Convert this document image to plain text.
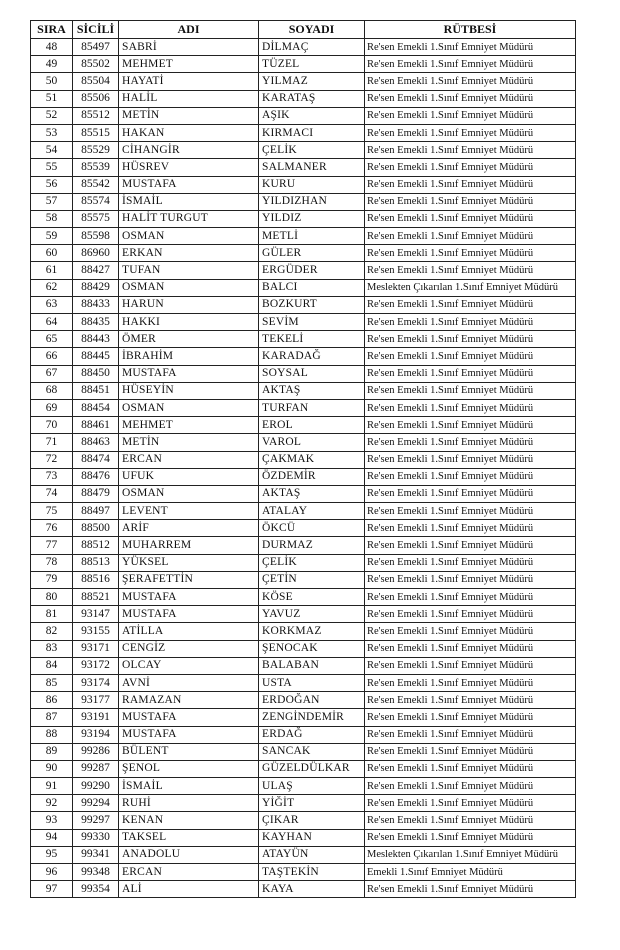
SIRA	SİCİLİ	ADI	SOYADI	RÜTBESİ
48	85497	SABRİ	DİLMAÇ	Re'sen Emekli 1.Sınıf Emniyet Müdürü
49	85502	MEHMET	TÜZEL	Re'sen Emekli 1.Sınıf Emniyet Müdürü
50	85504	HAYATİ	YILMAZ	Re'sen Emekli 1.Sınıf Emniyet Müdürü
51	85506	HALİL	KARATAŞ	Re'sen Emekli 1.Sınıf Emniyet Müdürü
52	85512	METİN	AŞIK	Re'sen Emekli 1.Sınıf Emniyet Müdürü
53	85515	HAKAN	KIRMACI	Re'sen Emekli 1.Sınıf Emniyet Müdürü
54	85529	CİHANGİR	ÇELİK	Re'sen Emekli 1.Sınıf Emniyet Müdürü
55	85539	HÜSREV	SALMANER	Re'sen Emekli 1.Sınıf Emniyet Müdürü
56	85542	MUSTAFA	KURU	Re'sen Emekli 1.Sınıf Emniyet Müdürü
57	85574	İSMAİL	YILDIZHAN	Re'sen Emekli 1.Sınıf Emniyet Müdürü
58	85575	HALİT TURGUT	YILDIZ	Re'sen Emekli 1.Sınıf Emniyet Müdürü
59	85598	OSMAN	METLİ	Re'sen Emekli 1.Sınıf Emniyet Müdürü
60	86960	ERKAN	GÜLER	Re'sen Emekli 1.Sınıf Emniyet Müdürü
61	88427	TUFAN	ERGÜDER	Re'sen Emekli 1.Sınıf Emniyet Müdürü
62	88429	OSMAN	BALCI	Meslekten Çıkarılan 1.Sınıf Emniyet Müdürü
63	88433	HARUN	BOZKURT	Re'sen Emekli 1.Sınıf Emniyet Müdürü
64	88435	HAKKI	SEVİM	Re'sen Emekli 1.Sınıf Emniyet Müdürü
65	88443	ÖMER	TEKELİ	Re'sen Emekli 1.Sınıf Emniyet Müdürü
66	88445	İBRAHİM	KARADAĞ	Re'sen Emekli 1.Sınıf Emniyet Müdürü
67	88450	MUSTAFA	SOYSAL	Re'sen Emekli 1.Sınıf Emniyet Müdürü
68	88451	HÜSEYİN	AKTAŞ	Re'sen Emekli 1.Sınıf Emniyet Müdürü
69	88454	OSMAN	TURFAN	Re'sen Emekli 1.Sınıf Emniyet Müdürü
70	88461	MEHMET	EROL	Re'sen Emekli 1.Sınıf Emniyet Müdürü
71	88463	METİN	VAROL	Re'sen Emekli 1.Sınıf Emniyet Müdürü
72	88474	ERCAN	ÇAKMAK	Re'sen Emekli 1.Sınıf Emniyet Müdürü
73	88476	UFUK	ÖZDEMİR	Re'sen Emekli 1.Sınıf Emniyet Müdürü
74	88479	OSMAN	AKTAŞ	Re'sen Emekli 1.Sınıf Emniyet Müdürü
75	88497	LEVENT	ATALAY	Re'sen Emekli 1.Sınıf Emniyet Müdürü
76	88500	ARİF	ÖKCÜ	Re'sen Emekli 1.Sınıf Emniyet Müdürü
77	88512	MUHARREM	DURMAZ	Re'sen Emekli 1.Sınıf Emniyet Müdürü
78	88513	YÜKSEL	ÇELİK	Re'sen Emekli 1.Sınıf Emniyet Müdürü
79	88516	ŞERAFETTİN	ÇETİN	Re'sen Emekli 1.Sınıf Emniyet Müdürü
80	88521	MUSTAFA	KÖSE	Re'sen Emekli 1.Sınıf Emniyet Müdürü
81	93147	MUSTAFA	YAVUZ	Re'sen Emekli 1.Sınıf Emniyet Müdürü
82	93155	ATİLLA	KORKMAZ	Re'sen Emekli 1.Sınıf Emniyet Müdürü
83	93171	CENGİZ	ŞENOCAK	Re'sen Emekli 1.Sınıf Emniyet Müdürü
84	93172	OLCAY	BALABAN	Re'sen Emekli 1.Sınıf Emniyet Müdürü
85	93174	AVNİ	USTA	Re'sen Emekli 1.Sınıf Emniyet Müdürü
86	93177	RAMAZAN	ERDOĞAN	Re'sen Emekli 1.Sınıf Emniyet Müdürü
87	93191	MUSTAFA	ZENGİNDEMİR	Re'sen Emekli 1.Sınıf Emniyet Müdürü
88	93194	MUSTAFA	ERDAĞ	Re'sen Emekli 1.Sınıf Emniyet Müdürü
89	99286	BÜLENT	SANCAK	Re'sen Emekli 1.Sınıf Emniyet Müdürü
90	99287	ŞENOL	GÜZELDÜLKAR	Re'sen Emekli 1.Sınıf Emniyet Müdürü
91	99290	İSMAİL	ULAŞ	Re'sen Emekli 1.Sınıf Emniyet Müdürü
92	99294	RUHİ	YİĞİT	Re'sen Emekli 1.Sınıf Emniyet Müdürü
93	99297	KENAN	ÇIKAR	Re'sen Emekli 1.Sınıf Emniyet Müdürü
94	99330	TAKSEL	KAYHAN	Re'sen Emekli 1.Sınıf Emniyet Müdürü
95	99341	ANADOLU	ATAYÜN	Meslekten Çıkarılan 1.Sınıf Emniyet Müdürü
96	99348	ERCAN	TAŞTEKİN	Emekli 1.Sınıf Emniyet Müdürü
97	99354	ALİ	KAYA	Re'sen Emekli 1.Sınıf Emniyet Müdürü
